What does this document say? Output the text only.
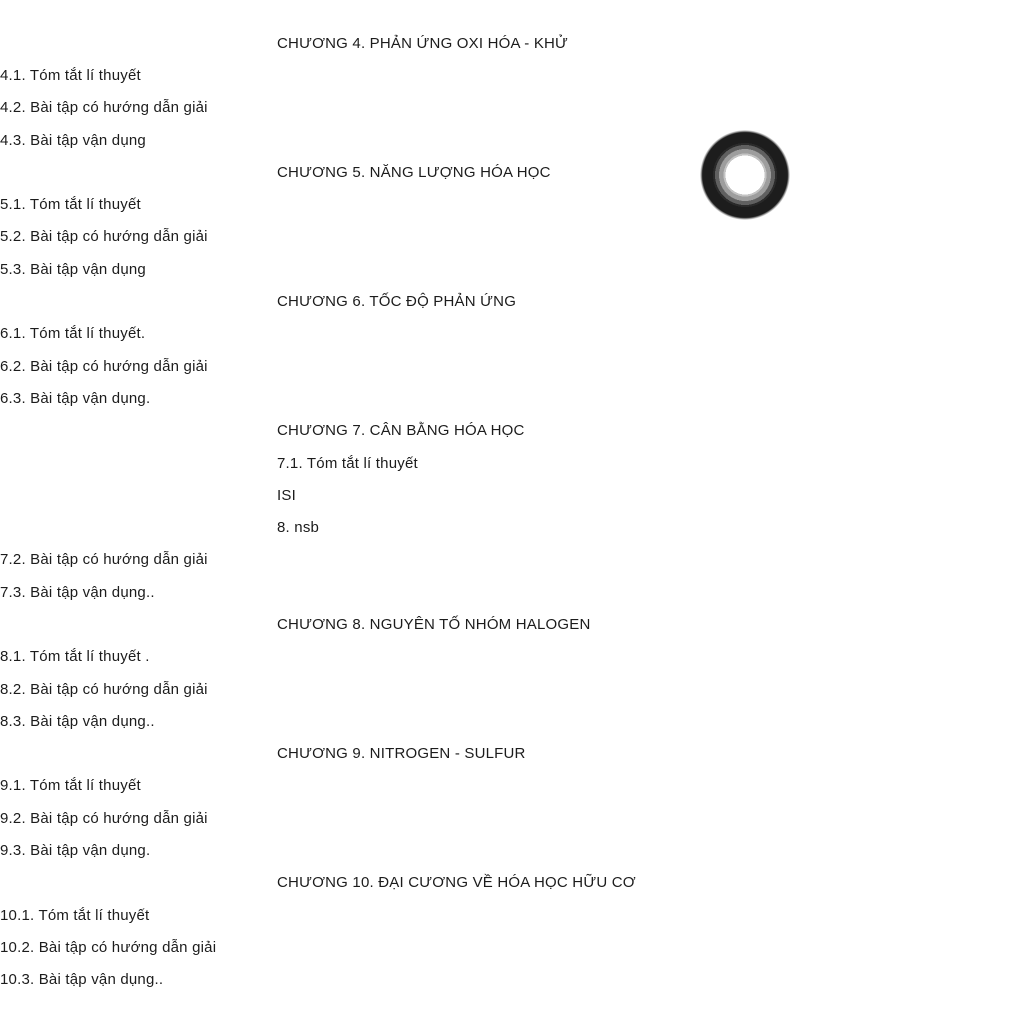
CHƯƠNG 4. PHẢN ỨNG OXI HÓA - KHỬ
4.1. Tóm tắt lí thuyết
4.2. Bài tập có hướng dẫn giải
4.3. Bài tập vận dụng
CHƯƠNG 5. NĂNG LƯỢNG HÓA HỌC
5.1. Tóm tắt lí thuyết
5.2. Bài tập có hướng dẫn giải
5.3. Bài tập vận dụng
CHƯƠNG 6. TỐC ĐỘ PHẢN ỨNG
6.1. Tóm tắt lí thuyết.
6.2. Bài tập có hướng dẫn giải
6.3. Bài tập vận dụng.
CHƯƠNG 7. CÂN BẰNG HÓA HỌC
7.1. Tóm tắt lí thuyết
ISI
8. nsb
7.2. Bài tập có hướng dẫn giải
7.3. Bài tập vận dụng..
CHƯƠNG 8. NGUYÊN TỐ NHÓM HALOGEN
8.1. Tóm tắt lí thuyết .
8.2. Bài tập có hướng dẫn giải
8.3. Bài tập vận dụng..
CHƯƠNG 9. NITROGEN - SULFUR
9.1. Tóm tắt lí thuyết
9.2. Bài tập có hướng dẫn giải
9.3. Bài tập vận dụng.
CHƯƠNG 10. ĐẠI CƯƠNG VỀ HÓA HỌC HỮU CƠ
10.1. Tóm tắt lí thuyết
10.2. Bài tập có hướng dẫn giải
10.3. Bài tập vận dụng..
